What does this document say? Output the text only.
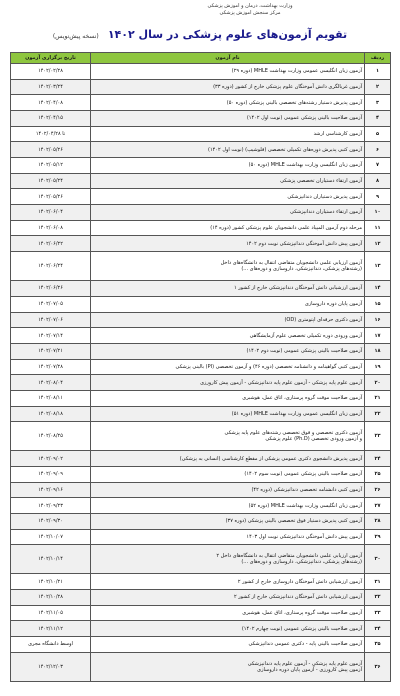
وزارت بهداشت، درمان و آموزش پزشکی
مرکز سنجش آموزش پزشکی
تقویم آزمون‌های علوم پزشکی در سال ۱۴۰۲ (نسخه پیش‌نویس)
ردیف	نام آزمون	تاریخ برگزاری آزمون
۱	آزمون زبان انگلیسی عمومی وزارت بهداشت MHLE (دوره ۲۹)	۱۴۰۲/۰۲/۲۸
۲	آزمون غربالگری دانش آموختگان علوم پزشکی خارج از کشور (دوره ۳۳)	۱۴۰۲/۰۳/۲۴
۳	آزمون پذیرش دستیار رشته‌های تخصصی بالینی پزشکی (دوره ۵۰)	۱۴۰۲/۰۴/۰۸
۴	آزمون صلاحیت بالینی پزشکی عمومی (نوبت اول ۱۴۰۲)	۱۴۰۲/۰۴/۱۵
۵	آزمون کارشناسی ارشد	۱۴۰۲/۰۴/۲۸ تا
۶	آزمون کتبی پذیرش دوره‌های تکمیلی تخصصی (فلوشیپ) (نوبت اول ۱۴۰۲)	۱۴۰۲/۰۵/۲۶
۷	آزمون زبان انگلیسی وزارت بهداشت MHLE (دوره ۵۰)	۱۴۰۲/۰۵/۱۲
۸	آزمون ارتقاء دستیاران تخصصی پزشکی	۱۴۰۲/۰۵/۲۴
۹	آزمون پذیرش دستیاران دندانپزشکی	۱۴۰۲/۰۵/۲۶
۱۰	آزمون ارتقاء دستیاران دندانپزشکی	۱۴۰۲/۰۶/۰۴
۱۱	مرحله دوم آزمون المپیاد علمی دانشجویان علوم پزشکی کشور (دوره ۱۴)	۱۴۰۲/۰۶/۰۸
۱۲	آزمون پیش دانش آموختگی دندانپزشکی نوبت دوم ۱۴۰۲	۱۴۰۲/۰۶/۲۲
۱۳	آزمون ارزیابی علمی دانشجویان متقاضی انتقال به دانشگاه‌های داخل
(رشته‌های پزشکی، دندانپزشکی، داروسازی و دوره‌های ...)	۱۴۰۲/۰۶/۲۴
۱۴	آزمون ارزشیابی دانش آموختگان دندانپزشکی خارج از کشور ۱	۱۴۰۲/۰۶/۲۶
۱۵	آزمون پایان دوره داروسازی	۱۴۰۲/۰۷/۰۵
۱۶	آزمون دکتری حرفه‌ای اپتومتری (OD)	۱۴۰۲/۰۷/۰۶
۱۷	آزمون ورودی دوره تکمیلی تخصصی علوم آزمایشگاهی	۱۴۰۲/۰۷/۱۴
۱۸	آزمون صلاحیت بالینی پزشکی عمومی (نوبت دوم ۱۴۰۲)	۱۴۰۲/۰۷/۲۱
۱۹	آزمون کتبی گواهینامه و دانشنامه تخصصی (دوره ۴۶) و آزمون تخصصی (PI) بالینی پزشکی	۱۴۰۲/۰۷/۲۸
۲۰	آزمون علوم پایه پزشکی - آزمون علوم پایه دندانپزشکی - آزمون پیش کارورزی	۱۴۰۲/۰۸/۰۴
۲۱	آزمون صلاحیت موقت گروه پرستاری، اتاق عمل، هوشبری	۱۴۰۲/۰۸/۱۱
۲۲	آزمون زبان انگلیسی عمومی وزارت بهداشت MHLE (دوره ۵۱)	۱۴۰۲/۰۸/۱۸
۲۳	آزمون دکتری تخصصی و فوق تخصصی رشته‌های علوم پایه پزشکی
و آزمون ورودی تخصصی (Ph.D) علوم پزشکی	۱۴۰۲/۰۸/۲۵
۲۴	آزمون پذیرش دانشجوی دکتری عمومی پزشکی از مقطع کارشناسی (انسانی به پزشکی)	۱۴۰۲/۰۹/۰۲
۲۵	آزمون صلاحیت بالینی پزشکی عمومی (نوبت سوم ۱۴۰۲)	۱۴۰۲/۰۹/۰۹
۲۶	آزمون کتبی دانشنامه تخصصی دندانپزشکی (دوره ۴۲)	۱۴۰۲/۰۹/۱۶
۲۷	آزمون زبان انگلیسی وزارت بهداشت MHLE (دوره ۵۲)	۱۴۰۲/۰۹/۲۳
۲۸	آزمون کتبی پذیرش دستیار فوق تخصصی بالینی پزشکی (دوره ۳۷)	۱۴۰۲/۰۹/۳۰
۲۹	آزمون پیش دانش آموختگی دندانپزشکی نوبت اول ۱۴۰۳	۱۴۰۲/۱۰/۰۷
۳۰	آزمون ارزیابی علمی دانشجویان متقاضی انتقال به دانشگاه‌های داخل ۲
(رشته‌های پزشکی، دندانپزشکی، داروسازی و دوره‌های ...)	۱۴۰۲/۱۰/۱۴
۳۱	آزمون ارزشیابی دانش آموختگان داروسازی خارج از کشور ۲	۱۴۰۲/۱۰/۲۱
۳۲	آزمون ارزشیابی دانش آموختگان دندانپزشکی خارج از کشور ۲	۱۴۰۲/۱۰/۲۸
۳۳	آزمون صلاحیت موقت گروه پرستاری، اتاق عمل، هوشبری	۱۴۰۲/۱۱/۰۵
۳۴	آزمون صلاحیت بالینی پزشکی عمومی (نوبت چهارم ۱۴۰۲)	۱۴۰۲/۱۱/۱۲
۳۵	آزمون صلاحیت بالینی پایه - دکتری عمومی دندانپزشکی	اوسط دانشگاه مجری
۳۶	آزمون علوم پایه پزشکی - آزمون علوم پایه دندانپزشکی
آزمون پیش کارورزی - آزمون پایان دوره داروسازی	۱۴۰۲/۱۲/۰۳
